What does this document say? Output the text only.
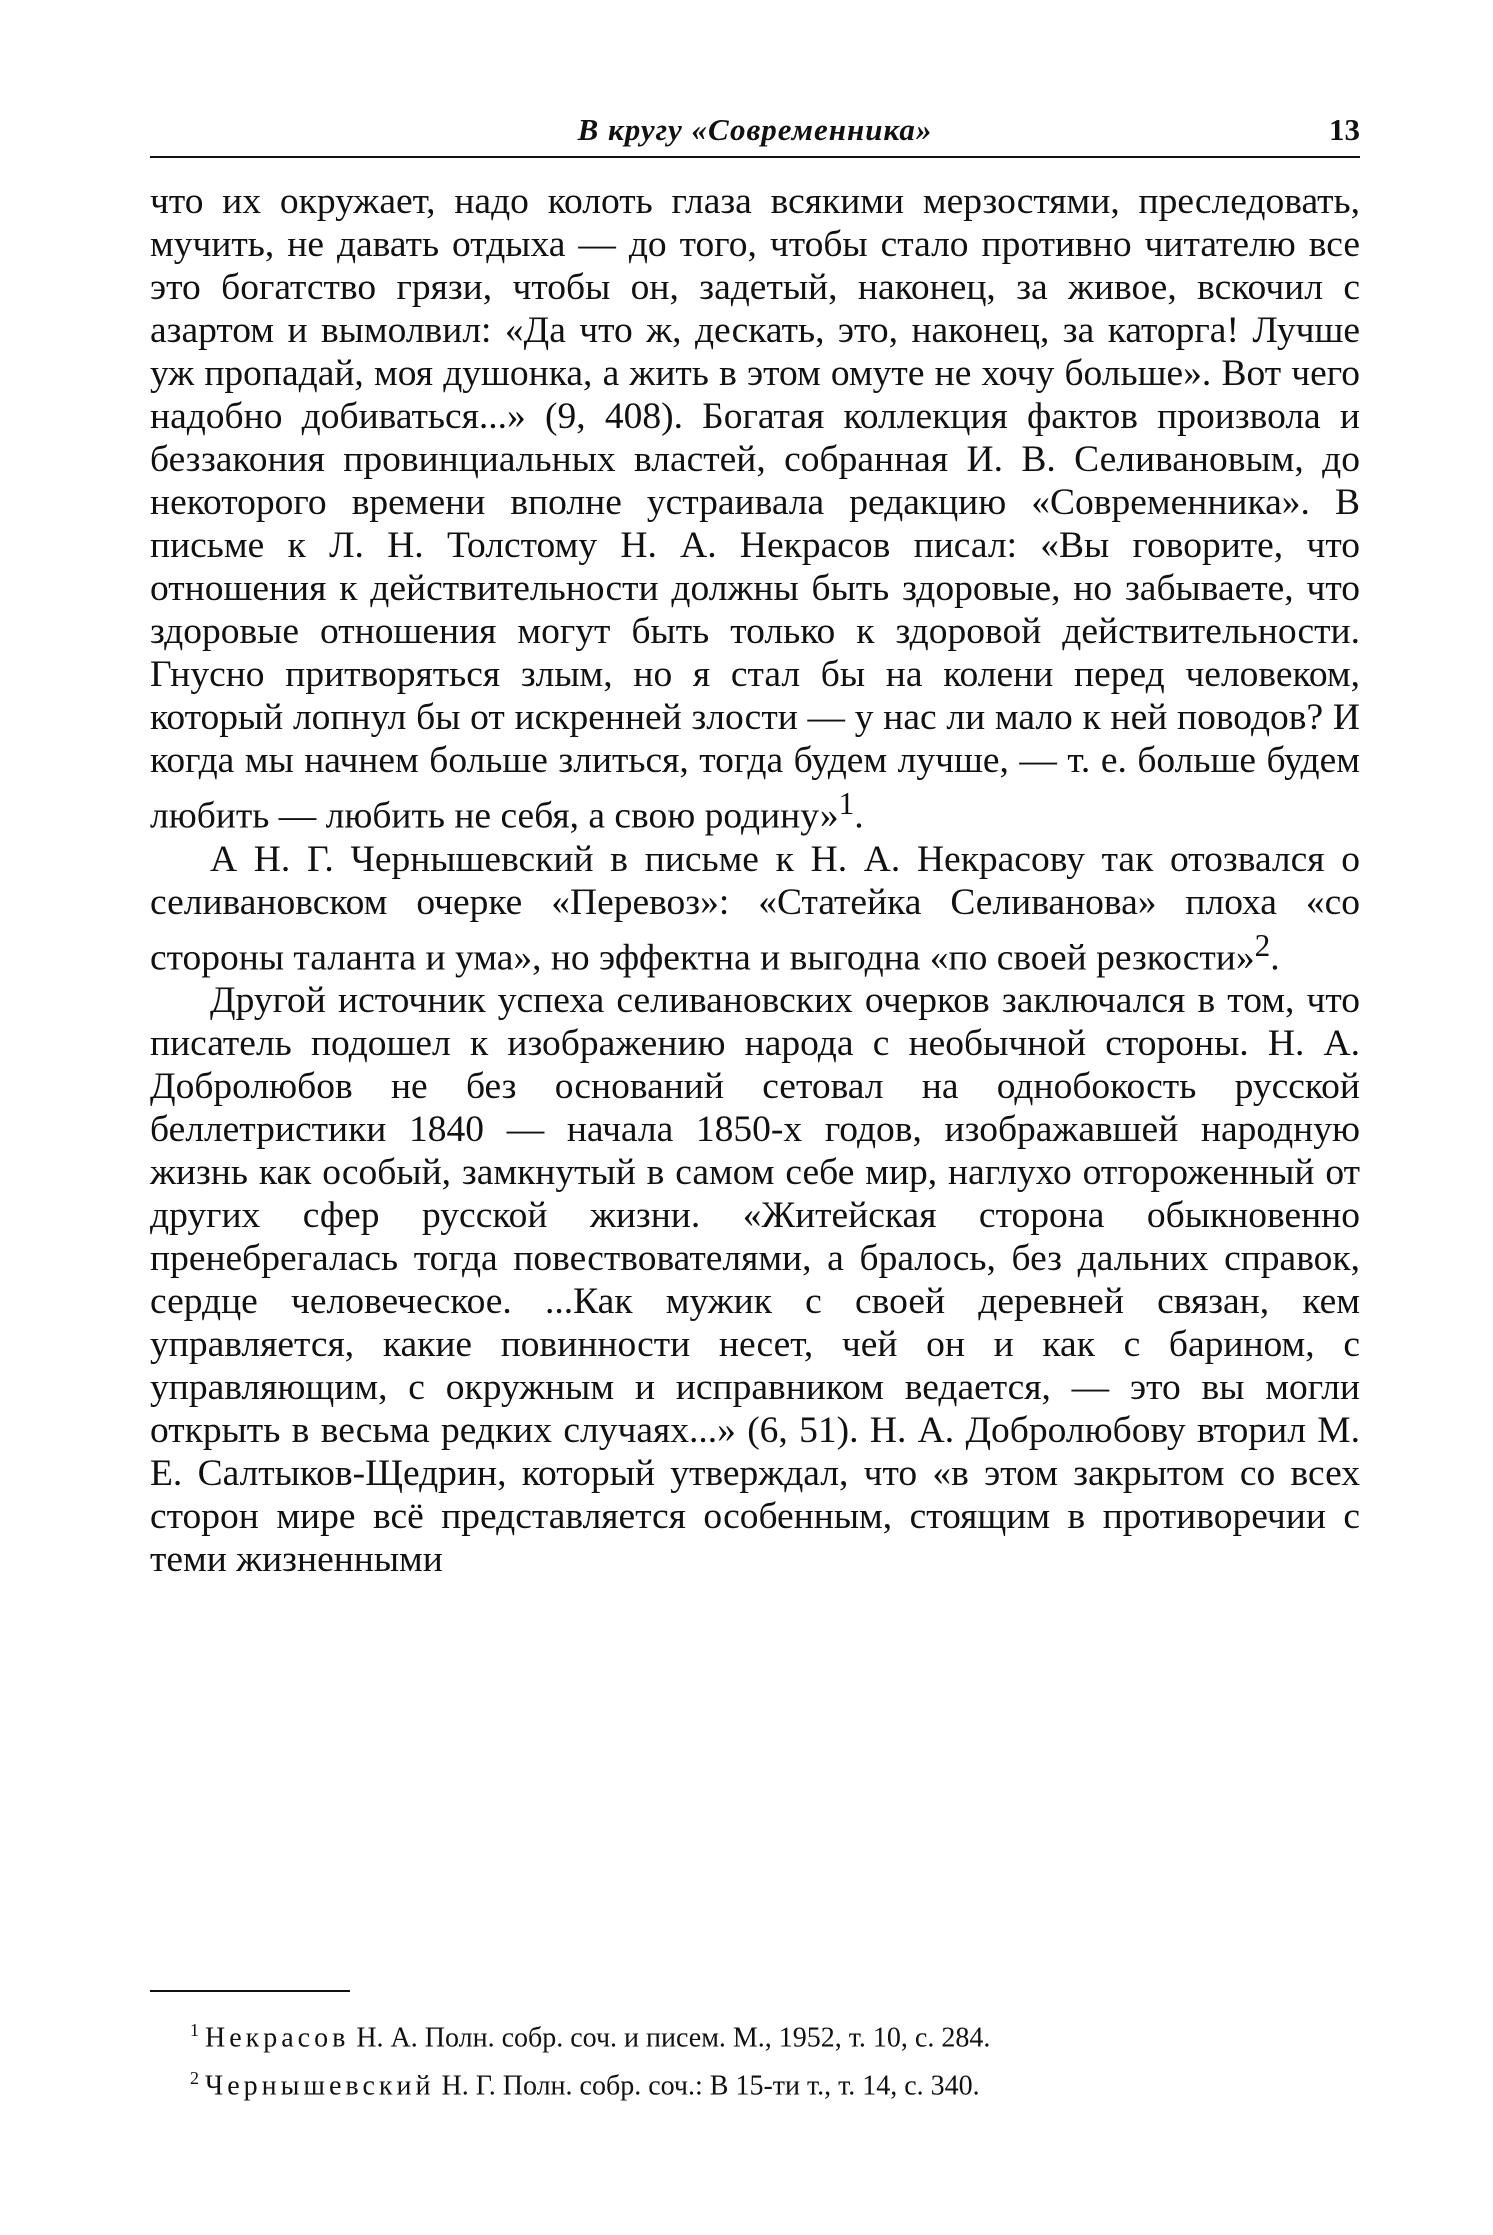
В кругу «Современника»	13

что их окружает, надо колоть глаза всякими мерзостями, преследовать, мучить, не давать отдыха — до того, чтобы стало противно читателю все это богатство грязи, чтобы он, задетый, наконец, за живое, вскочил с азартом и вымолвил: «Да что ж, дескать, это, наконец, за каторга! Лучше уж пропадай, моя душонка, а жить в этом омуте не хочу больше». Вот чего надобно добиваться...» (9, 408). Богатая коллекция фактов произвола и беззакония провинциальных властей, собранная И. В. Селивановым, до некоторого времени вполне устраивала редакцию «Современника». В письме к Л. Н. Толстому Н. А. Некрасов писал: «Вы говорите, что отношения к действительности должны быть здоровые, но забываете, что здоровые отношения могут быть только к здоровой действительности. Гнусно притворяться злым, но я стал бы на колени перед человеком, который лопнул бы от искренней злости — у нас ли мало к ней поводов? И когда мы начнем больше злиться, тогда будем лучше, — т. е. больше будем любить — любить не себя, а свою родину»$^1$.

А Н. Г. Чернышевский в письме к Н. А. Некрасову так отозвался о селивановском очерке «Перевоз»: «Статейка Селиванова» плоха «со стороны таланта и ума», но эффектна и выгодна «по своей резкости»$^2$.

Другой источник успеха селивановских очерков заключался в том, что писатель подошел к изображению народа с необычной стороны. Н. А. Добролюбов не без оснований сетовал на однобокость русской беллетристики 1840 — начала 1850-х годов, изображавшей народную жизнь как особый, замкнутый в самом себе мир, наглухо отгороженный от других сфер русской жизни. «Житейская сторона обыкновенно пренебрегалась тогда повествователями, а бралось, без дальних справок, сердце человеческое. ...Как мужик с своей деревней связан, кем управляется, какие повинности несет, чей он и как с барином, с управляющим, с окружным и исправником ведается, — это вы могли открыть в весьма редких случаях...» (6, 51). Н. А. Добролюбову вторил М. Е. Салтыков-Щедрин, который утверждал, что «в этом закрытом со всех сторон мире всё представляется особенным, стоящим в противоречии с теми жизненными

$^1$ Некрасов Н. А. Полн. собр. соч. и писем. М., 1952, т. 10, с. 284.
$^2$ Чернышевский Н. Г. Полн. собр. соч.: В 15-ти т., т. 14, с. 340.
